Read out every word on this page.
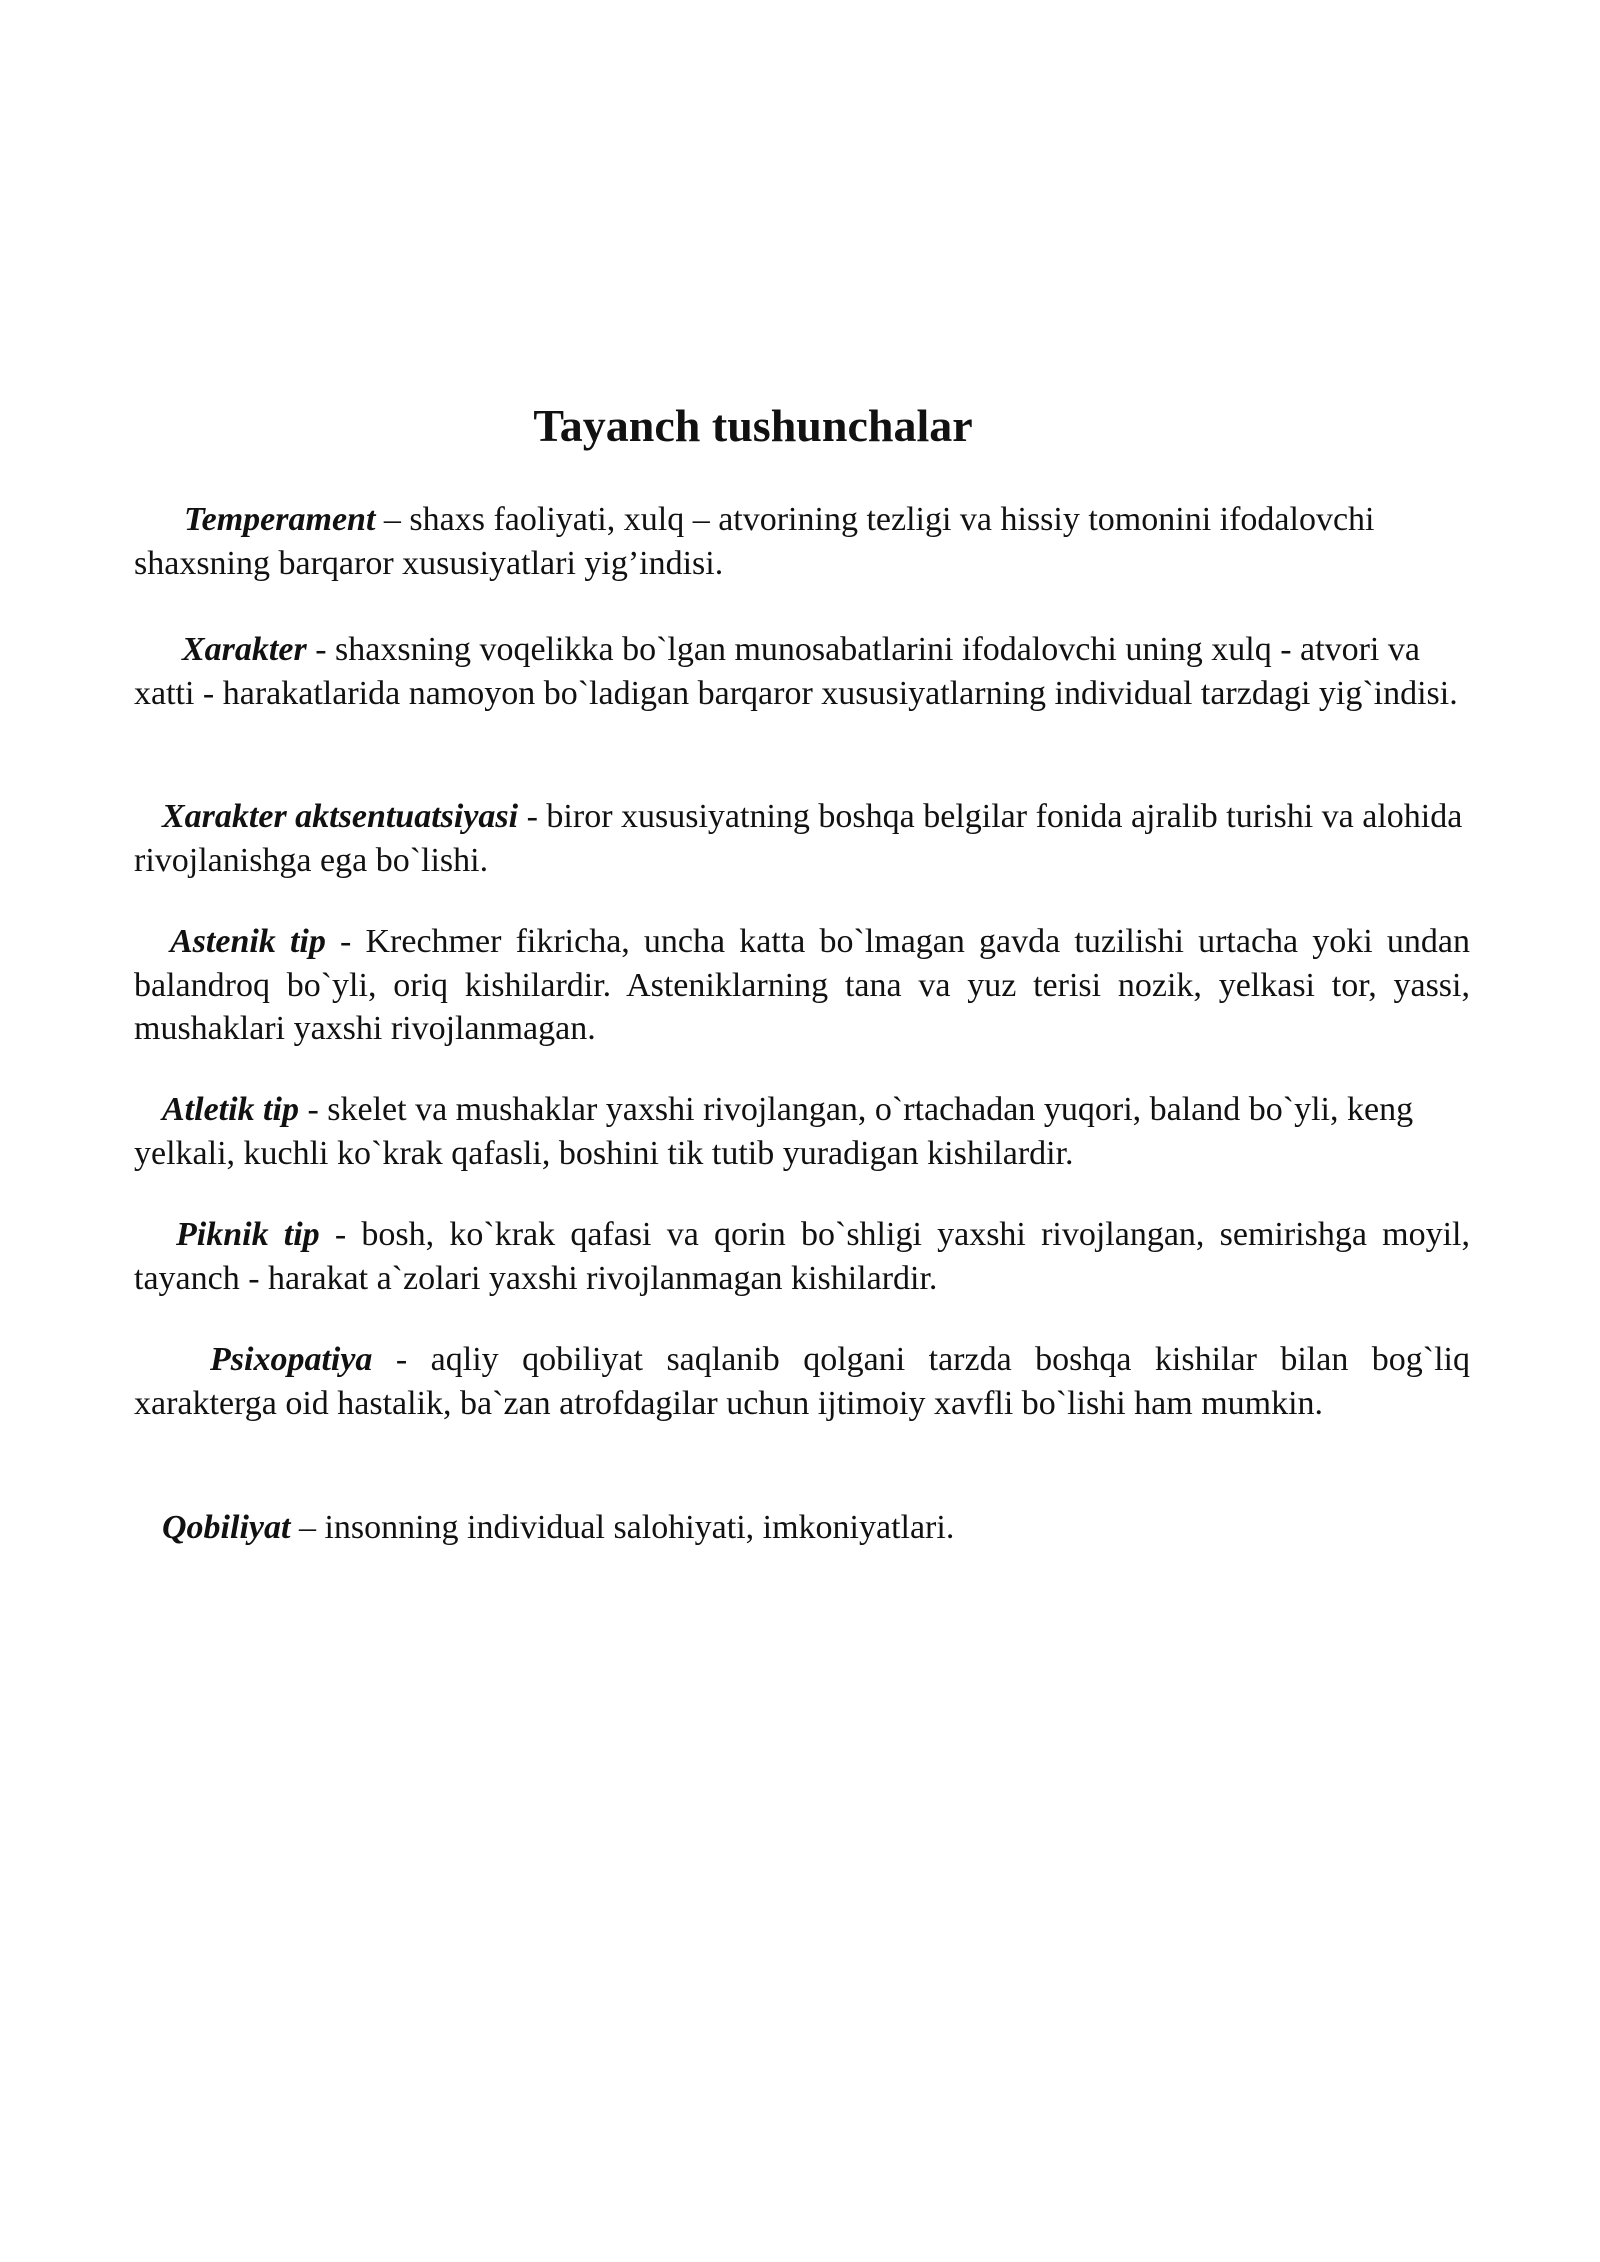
Tayanch tushunchalar

Temperament – shaxs faoliyati, xulq – atvorining tezligi va hissiy tomonini ifodalovchi shaxsning barqaror xususiyatlari yig’indisi.

Xarakter - shaxsning voqelikka bo`lgan munosabatlarini ifodalovchi uning xulq - atvori va xatti - harakatlarida namoyon bo`ladigan barqaror xususiyatlarning individual tarzdagi yig`indisi.

Xarakter aktsentuatsiyasi - biror xususiyatning boshqa belgilar fonida ajralib turishi va alohida rivojlanishga ega bo`lishi.

Astenik tip - Krechmer fikricha, uncha katta bo`lmagan gavda tuzilishi urtacha yoki undan balandroq bo`yli, oriq kishilardir. Asteniklarning tana va yuz terisi nozik, yelkasi tor, yassi, mushaklari yaxshi rivojlanmagan.

Atletik tip - skelet va mushaklar yaxshi rivojlangan, o`rtachadan yuqori, baland bo`yli, keng yelkali, kuchli ko`krak qafasli, boshini tik tutib yuradigan kishilardir.

Piknik tip - bosh, ko`krak qafasi va qorin bo`shligi yaxshi rivojlangan, semirishga moyil, tayanch - harakat a`zolari yaxshi rivojlanmagan kishilardir.

Psixopatiya - aqliy qobiliyat saqlanib qolgani tarzda boshqa kishilar bilan bog`liq xarakterga oid hastalik, ba`zan atrofdagilar uchun ijtimoiy xavfli bo`lishi ham mumkin.

Qobiliyat – insonning individual salohiyati, imkoniyatlari.
